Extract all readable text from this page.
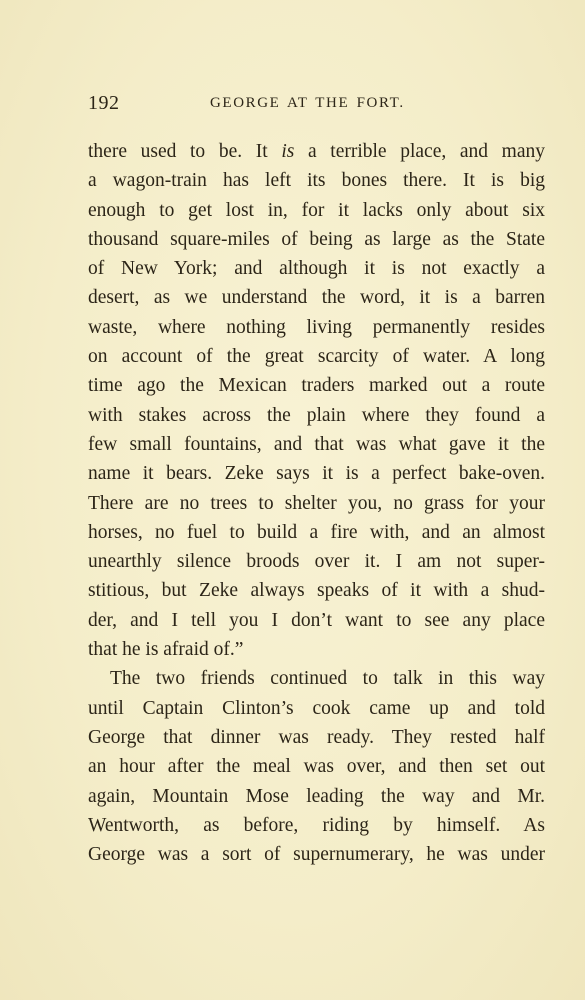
192	GEORGE AT THE FORT.
there used to be. It is a terrible place, and many
a wagon-train has left its bones there. It is big
enough to get lost in, for it lacks only about six
thousand square-miles of being as large as the State
of New York; and although it is not exactly a
desert, as we understand the word, it is a barren
waste, where nothing living permanently resides
on account of the great scarcity of water. A long
time ago the Mexican traders marked out a route
with stakes across the plain where they found a
few small fountains, and that was what gave it the
name it bears. Zeke says it is a perfect bake-oven.
There are no trees to shelter you, no grass for your
horses, no fuel to build a fire with, and an almost
unearthly silence broods over it. I am not super-
stitious, but Zeke always speaks of it with a shud-
der, and I tell you I don’t want to see any place
that he is afraid of.”
The two friends continued to talk in this way
until Captain Clinton’s cook came up and told
George that dinner was ready. They rested half
an hour after the meal was over, and then set out
again, Mountain Mose leading the way and Mr.
Wentworth, as before, riding by himself. As
George was a sort of supernumerary, he was under
